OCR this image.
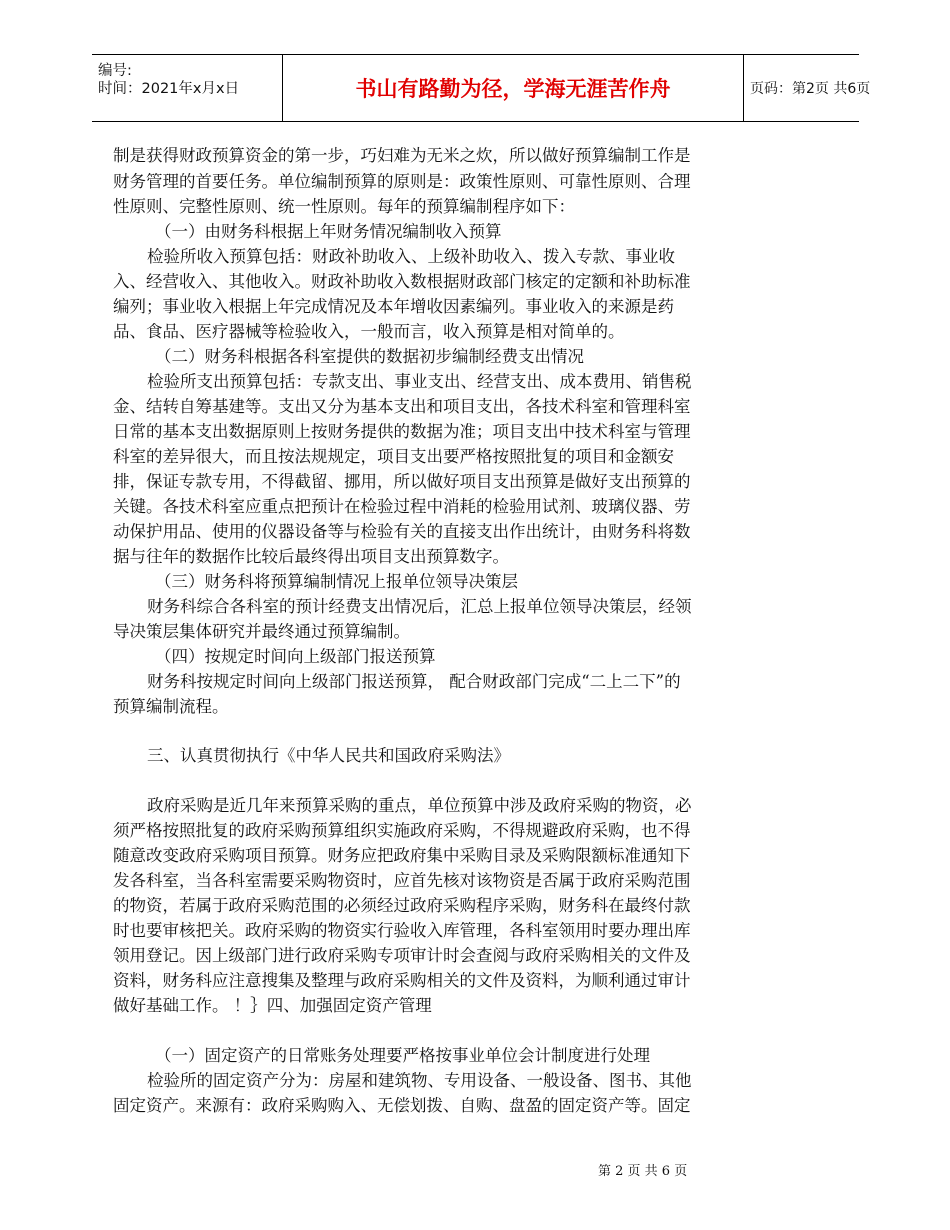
编号:
时间：2021年x月x日	书山有路勤为径，学海无涯苦作舟	页码：第2页 共6页
制是获得财政预算资金的第一步，巧妇难为无米之炊，所以做好预算编制工作是
财务管理的首要任务。单位编制预算的原则是：政策性原则、可靠性原则、合理
性原则、完整性原则、统一性原则。每年的预算编制程序如下：
（一）由财务科根据上年财务情况编制收入预算
检验所收入预算包括：财政补助收入、上级补助收入、拨入专款、事业收
入、经营收入、其他收入。财政补助收入数根据财政部门核定的定额和补助标准
编列；事业收入根据上年完成情况及本年增收因素编列。事业收入的来源是药
品、食品、医疗器械等检验收入，一般而言，收入预算是相对简单的。
（二）财务科根据各科室提供的数据初步编制经费支出情况
检验所支出预算包括：专款支出、事业支出、经营支出、成本费用、销售税
金、结转自筹基建等。支出又分为基本支出和项目支出，各技术科室和管理科室
日常的基本支出数据原则上按财务提供的数据为准；项目支出中技术科室与管理
科室的差异很大，而且按法规规定，项目支出要严格按照批复的项目和金额安
排，保证专款专用，不得截留、挪用，所以做好项目支出预算是做好支出预算的
关键。各技术科室应重点把预计在检验过程中消耗的检验用试剂、玻璃仪器、劳
动保护用品、使用的仪器设备等与检验有关的直接支出作出统计，由财务科将数
据与往年的数据作比较后最终得出项目支出预算数字。
（三）财务科将预算编制情况上报单位领导决策层
财务科综合各科室的预计经费支出情况后，汇总上报单位领导决策层，经领
导决策层集体研究并最终通过预算编制。
（四）按规定时间向上级部门报送预算
财务科按规定时间向上级部门报送预算， 配合财政部门完成“二上二下”的
预算编制流程。
三、认真贯彻执行《中华人民共和国政府采购法》
政府采购是近几年来预算采购的重点，单位预算中涉及政府采购的物资，必
须严格按照批复的政府采购预算组织实施政府采购，不得规避政府采购，也不得
随意改变政府采购项目预算。财务应把政府集中采购目录及采购限额标准通知下
发各科室，当各科室需要采购物资时，应首先核对该物资是否属于政府采购范围
的物资，若属于政府采购范围的必须经过政府采购程序采购，财务科在最终付款
时也要审核把关。政府采购的物资实行验收入库管理，各科室领用时要办理出库
领用登记。因上级部门进行政府采购专项审计时会查阅与政府采购相关的文件及
资料，财务科应注意搜集及整理与政府采购相关的文件及资料，为顺利通过审计
做好基础工作。 ！｝四、加强固定资产管理
（一）固定资产的日常账务处理要严格按事业单位会计制度进行处理
检验所的固定资产分为：房屋和建筑物、专用设备、一般设备、图书、其他
固定资产。来源有：政府采购购入、无偿划拨、自购、盘盈的固定资产等。固定
第 2 页 共 6 页
